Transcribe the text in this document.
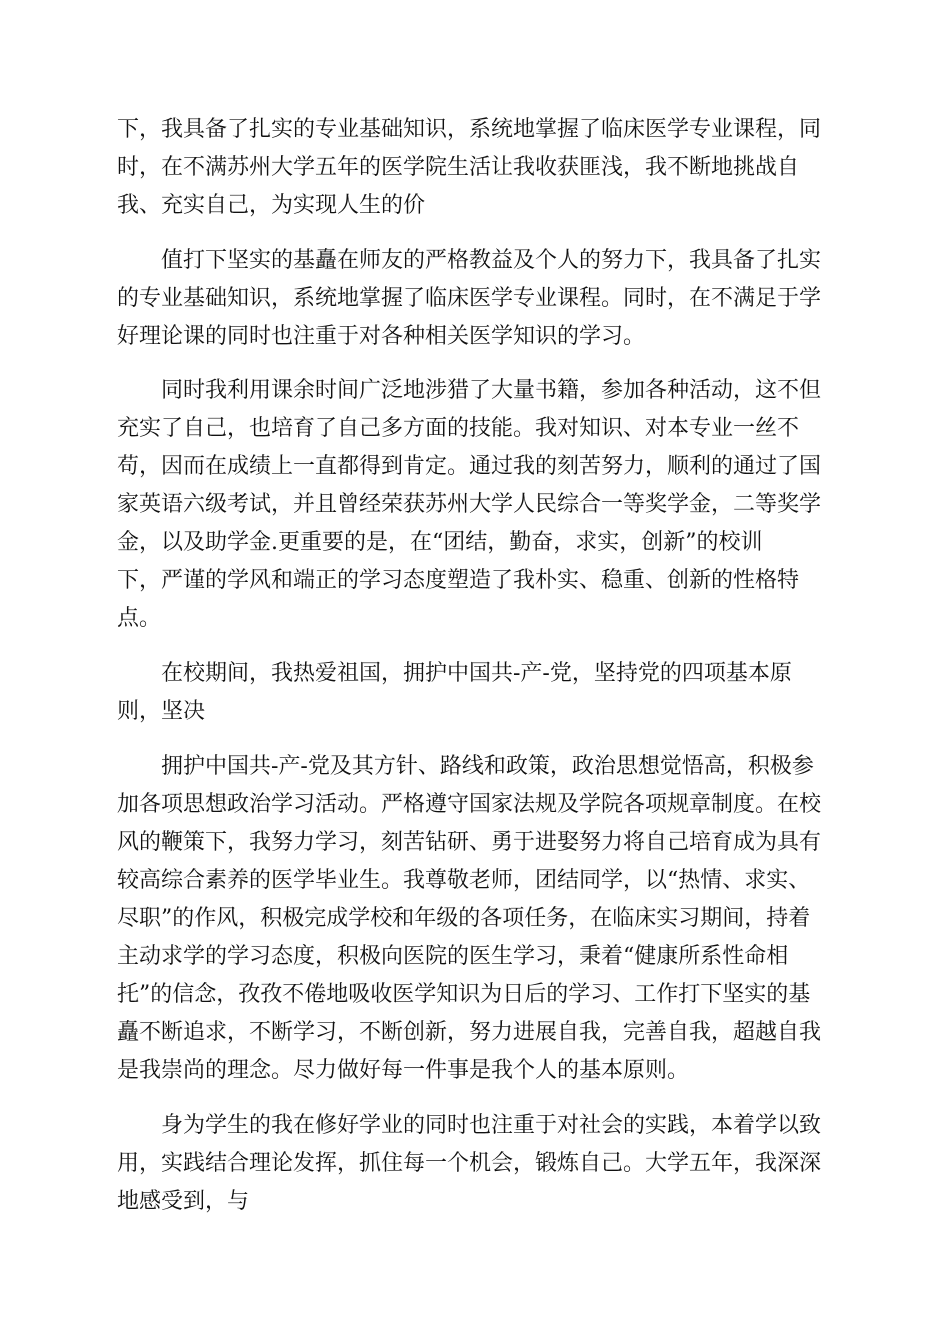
下，我具备了扎实的专业基础知识，系统地掌握了临床医学专业课程，同
时，在不满苏州大学五年的医学院生活让我收获匪浅，我不断地挑战自
我、充实自己，为实现人生的价
值打下坚实的基矗在师友的严格教益及个人的努力下，我具备了扎实
的专业基础知识，系统地掌握了临床医学专业课程。同时，在不满足于学
好理论课的同时也注重于对各种相关医学知识的学习。
同时我利用课余时间广泛地涉猎了大量书籍，参加各种活动，这不但
充实了自己，也培育了自己多方面的技能。我对知识、对本专业一丝不
苟，因而在成绩上一直都得到肯定。通过我的刻苦努力，顺利的通过了国
家英语六级考试，并且曾经荣获苏州大学人民综合一等奖学金，二等奖学
金，以及助学金.更重要的是，在“团结，勤奋，求实，创新”的校训
下，严谨的学风和端正的学习态度塑造了我朴实、稳重、创新的性格特
点。
在校期间，我热爱祖国，拥护中国共-产-党，坚持党的四项基本原
则，坚决
拥护中国共-产-党及其方针、路线和政策，政治思想觉悟高，积极参
加各项思想政治学习活动。严格遵守国家法规及学院各项规章制度。在校
风的鞭策下，我努力学习，刻苦钻研、勇于进娶努力将自己培育成为具有
较高综合素养的医学毕业生。我尊敬老师，团结同学，以“热情、求实、
尽职”的作风，积极完成学校和年级的各项任务，在临床实习期间，持着
主动求学的学习态度，积极向医院的医生学习，秉着“健康所系性命相
托”的信念，孜孜不倦地吸收医学知识为日后的学习、工作打下坚实的基
矗不断追求，不断学习，不断创新，努力进展自我，完善自我，超越自我
是我崇尚的理念。尽力做好每一件事是我个人的基本原则。
身为学生的我在修好学业的同时也注重于对社会的实践，本着学以致
用，实践结合理论发挥，抓住每一个机会，锻炼自己。大学五年，我深深
地感受到，与
